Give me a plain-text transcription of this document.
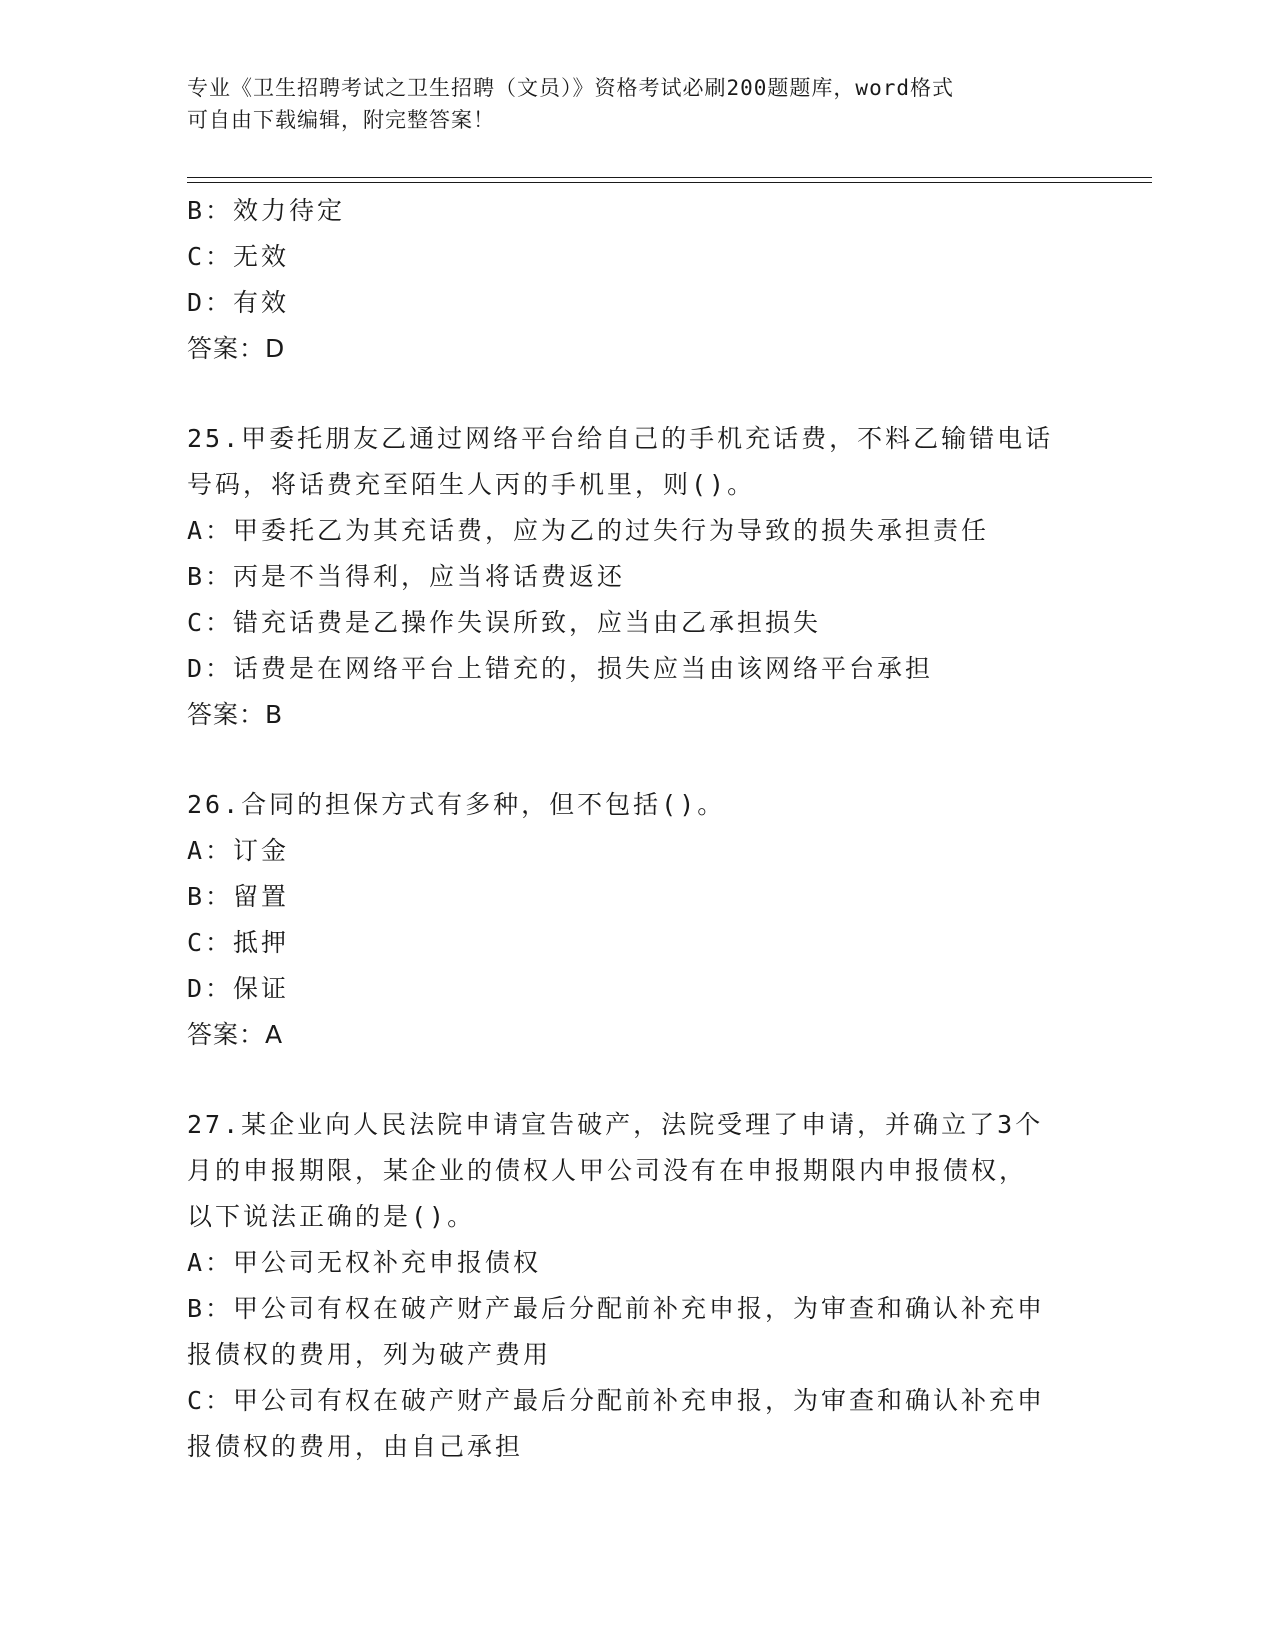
专业《卫生招聘考试之卫生招聘（文员）》资格考试必刷200题题库，word格式
可自由下载编辑，附完整答案！
B：效力待定
C：无效
D：有效
答案：D
25.甲委托朋友乙通过网络平台给自己的手机充话费，不料乙输错电话
号码，将话费充至陌生人丙的手机里，则()。
A：甲委托乙为其充话费，应为乙的过失行为导致的损失承担责任
B：丙是不当得利，应当将话费返还
C：错充话费是乙操作失误所致，应当由乙承担损失
D：话费是在网络平台上错充的，损失应当由该网络平台承担
答案：B
26.合同的担保方式有多种，但不包括()。
A：订金
B：留置
C：抵押
D：保证
答案：A
27.某企业向人民法院申请宣告破产，法院受理了申请，并确立了3个
月的申报期限，某企业的债权人甲公司没有在申报期限内申报债权，
以下说法正确的是()。
A：甲公司无权补充申报债权
B：甲公司有权在破产财产最后分配前补充申报，为审查和确认补充申
报债权的费用，列为破产费用
C：甲公司有权在破产财产最后分配前补充申报，为审查和确认补充申
报债权的费用，由自己承担
